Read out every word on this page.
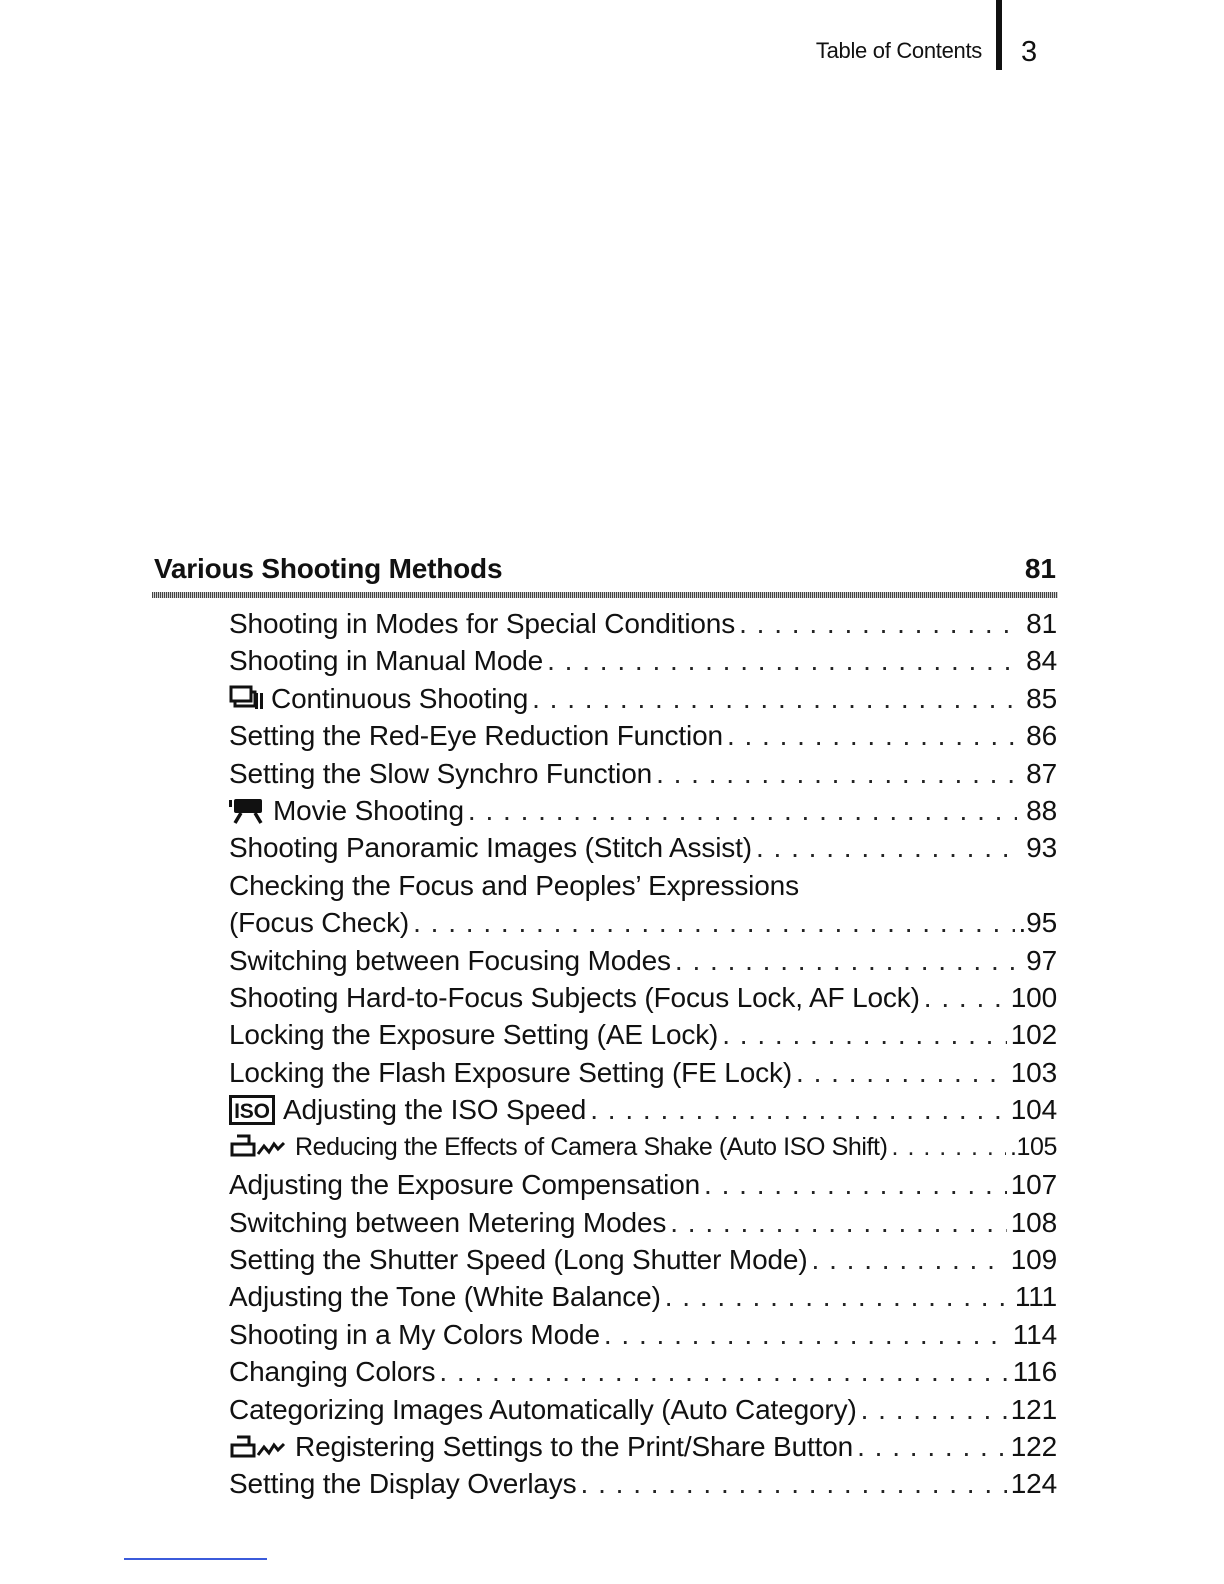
Table of Contents 3
Various Shooting Methods	81
Shooting in Modes for Special Conditions . . .	81
Shooting in Manual Mode . . .	84
Continuous Shooting . . .	85
Setting the Red-Eye Reduction Function . . .	86
Setting the Slow Synchro Function . . .	87
Movie Shooting . . .	88
Shooting Panoramic Images (Stitch Assist) . . .	93
Checking the Focus and Peoples’ Expressions
(Focus Check) . . .	.95
Switching between Focusing Modes . . .	97
Shooting Hard-to-Focus Subjects (Focus Lock, AF Lock) . . .	100
Locking the Exposure Setting (AE Lock) . . .	102
Locking the Flash Exposure Setting (FE Lock) . . .	103
ISO Adjusting the ISO Speed . . .	104
Reducing the Effects of Camera Shake (Auto ISO Shift) . . .	.105
Adjusting the Exposure Compensation . . .	107
Switching between Metering Modes . . .	108
Setting the Shutter Speed (Long Shutter Mode) . . .	109
Adjusting the Tone (White Balance) . . .	111
Shooting in a My Colors Mode . . .	114
Changing Colors . . .	116
Categorizing Images Automatically (Auto Category) . . .	121
Registering Settings to the Print/Share Button . . .	122
Setting the Display Overlays . . .	124
